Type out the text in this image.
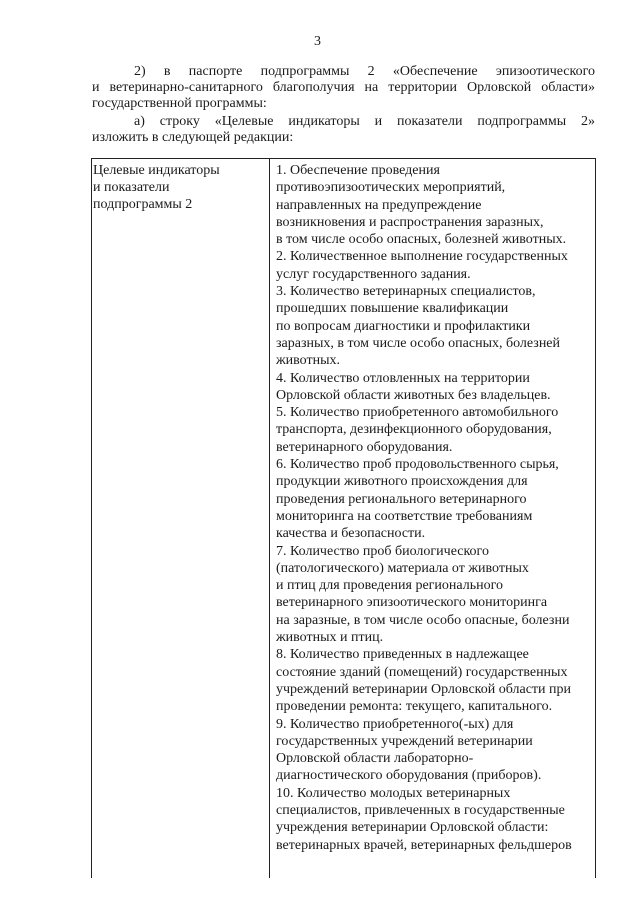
3
2) в паспорте подпрограммы 2 «Обеспечение эпизоотического
и ветеринарно-санитарного благополучия на территории Орловской области»
государственной программы:
а) строку «Целевые индикаторы и показатели подпрограммы 2»
изложить в следующей редакции:
Целевые индикаторы
и показатели
подпрограммы 2
1. Обеспечение проведения
противоэпизоотических мероприятий,
направленных на предупреждение
возникновения и распространения заразных,
в том числе особо опасных, болезней животных.
2. Количественное выполнение государственных
услуг государственного задания.
3. Количество ветеринарных специалистов,
прошедших повышение квалификации
по вопросам диагностики и профилактики
заразных, в том числе особо опасных, болезней
животных.
4. Количество отловленных на территории
Орловской области животных без владельцев.
5. Количество приобретенного автомобильного
транспорта, дезинфекционного оборудования,
ветеринарного оборудования.
6. Количество проб продовольственного сырья,
продукции животного происхождения для
проведения регионального ветеринарного
мониторинга на соответствие требованиям
качества и безопасности.
7. Количество проб биологического
(патологического) материала от животных
и птиц для проведения регионального
ветеринарного эпизоотического мониторинга
на заразные, в том числе особо опасные, болезни
животных и птиц.
8. Количество приведенных в надлежащее
состояние зданий (помещений) государственных
учреждений ветеринарии Орловской области при
проведении ремонта: текущего, капитального.
9. Количество приобретенного(-ых) для
государственных учреждений ветеринарии
Орловской области лабораторно-
диагностического оборудования (приборов).
10. Количество молодых ветеринарных
специалистов, привлеченных в государственные
учреждения ветеринарии Орловской области:
ветеринарных врачей, ветеринарных фельдшеров
